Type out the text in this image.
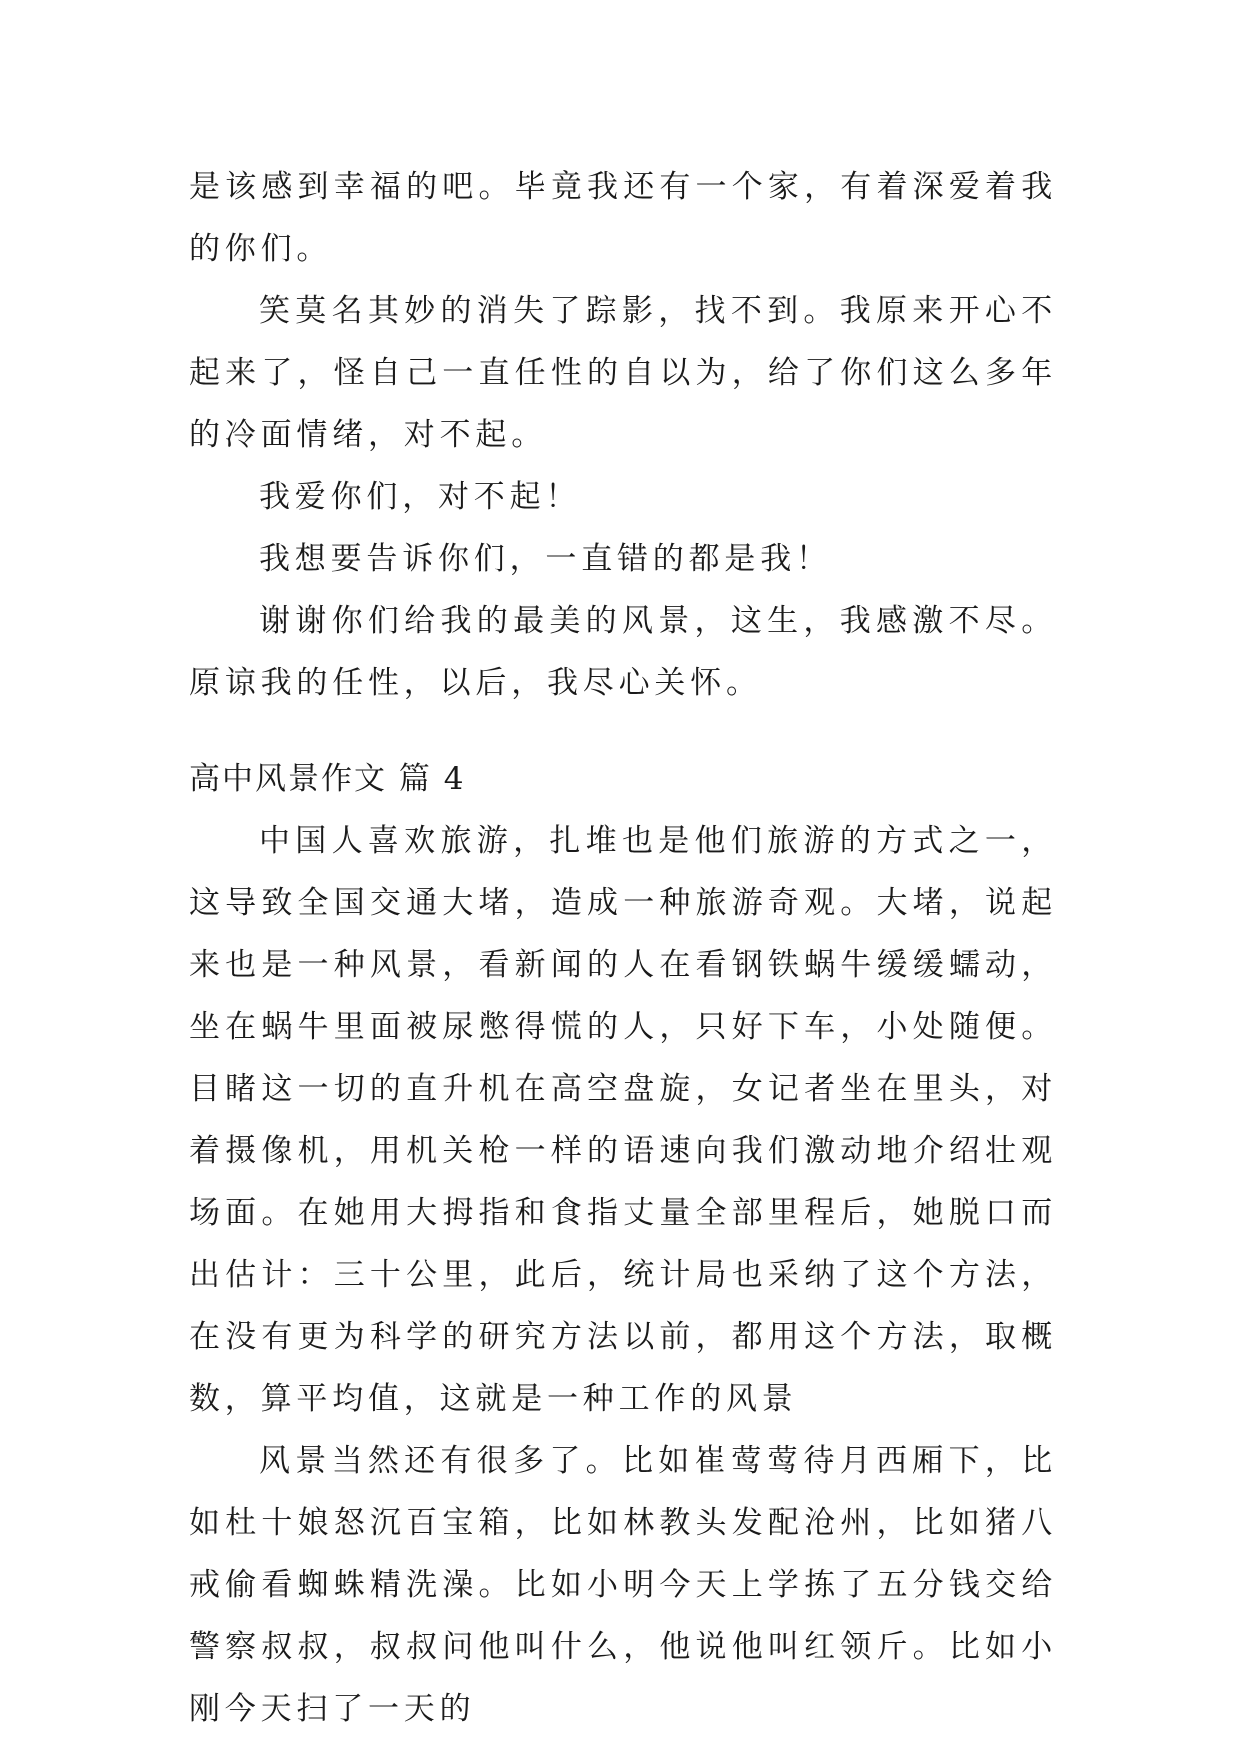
是该感到幸福的吧。毕竟我还有一个家，有着深爱着我的你们。

笑莫名其妙的消失了踪影，找不到。我原来开心不起来了，怪自己一直任性的自以为，给了你们这么多年的冷面情绪，对不起。

我爱你们，对不起！

我想要告诉你们，一直错的都是我！

谢谢你们给我的最美的风景，这生，我感激不尽。原谅我的任性，以后，我尽心关怀。

高中风景作文 篇 4

中国人喜欢旅游，扎堆也是他们旅游的方式之一，这导致全国交通大堵，造成一种旅游奇观。大堵，说起来也是一种风景，看新闻的人在看钢铁蜗牛缓缓蠕动，坐在蜗牛里面被尿憋得慌的人，只好下车，小处随便。目睹这一切的直升机在高空盘旋，女记者坐在里头，对着摄像机，用机关枪一样的语速向我们激动地介绍壮观场面。在她用大拇指和食指丈量全部里程后，她脱口而出估计：三十公里，此后，统计局也采纳了这个方法，在没有更为科学的研究方法以前，都用这个方法，取概数，算平均值，这就是一种工作的风景

风景当然还有很多了。比如崔莺莺待月西厢下，比如杜十娘怒沉百宝箱，比如林教头发配沧州，比如猪八戒偷看蜘蛛精洗澡。比如小明今天上学拣了五分钱交给警察叔叔，叔叔问他叫什么，他说他叫红领斤。比如小刚今天扫了一天的
